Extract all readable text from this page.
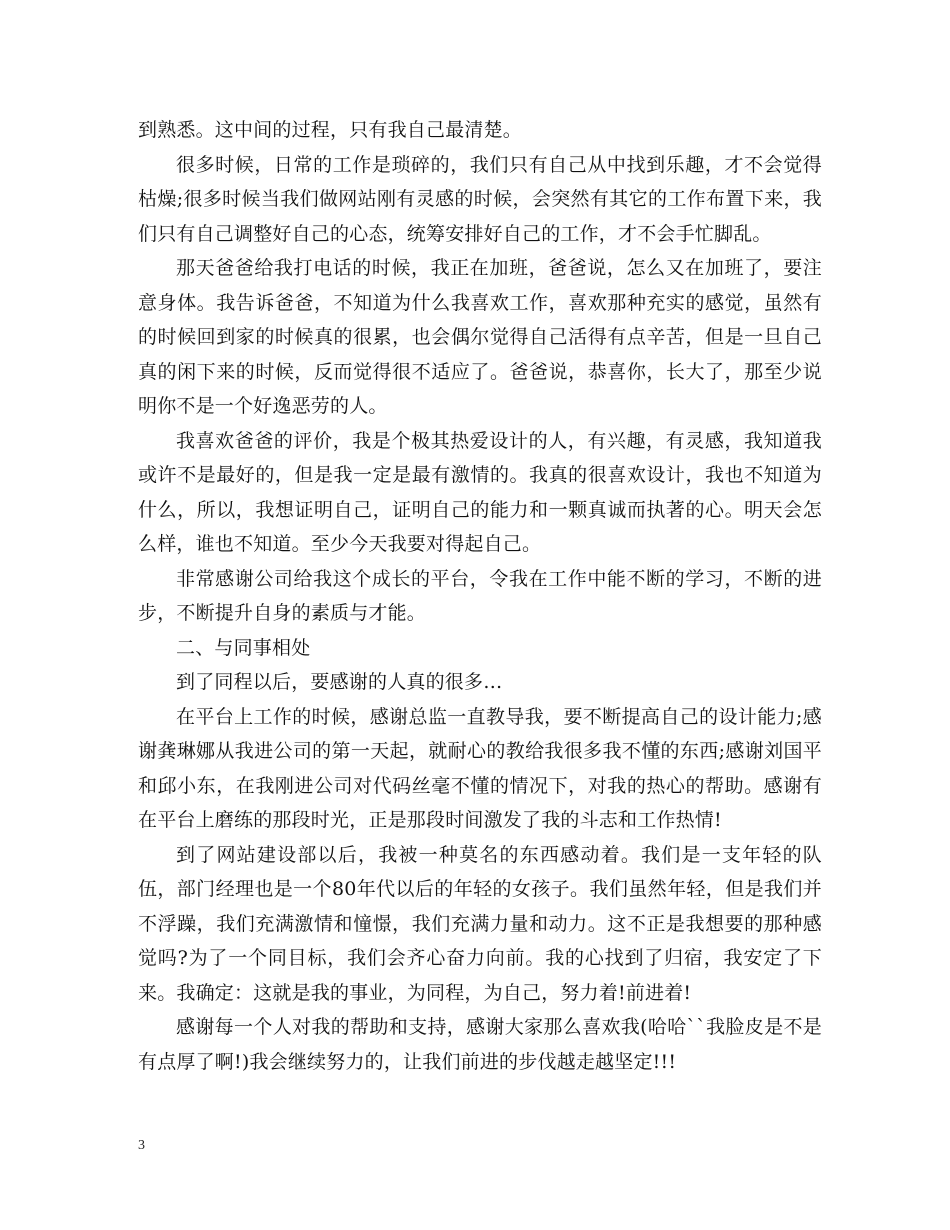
到熟悉。这中间的过程，只有我自己最清楚。

很多时候，日常的工作是琐碎的，我们只有自己从中找到乐趣，才不会觉得枯燥;很多时候当我们做网站刚有灵感的时候，会突然有其它的工作布置下来，我们只有自己调整好自己的心态，统筹安排好自己的工作，才不会手忙脚乱。

那天爸爸给我打电话的时候，我正在加班，爸爸说，怎么又在加班了，要注意身体。我告诉爸爸，不知道为什么我喜欢工作，喜欢那种充实的感觉，虽然有的时候回到家的时候真的很累，也会偶尔觉得自己活得有点辛苦，但是一旦自己真的闲下来的时候，反而觉得很不适应了。爸爸说，恭喜你，长大了，那至少说明你不是一个好逸恶劳的人。

我喜欢爸爸的评价，我是个极其热爱设计的人，有兴趣，有灵感，我知道我或许不是最好的，但是我一定是最有激情的。我真的很喜欢设计，我也不知道为什么，所以，我想证明自己，证明自己的能力和一颗真诚而执著的心。明天会怎么样，谁也不知道。至少今天我要对得起自己。

非常感谢公司给我这个成长的平台，令我在工作中能不断的学习，不断的进步，不断提升自身的素质与才能。

二、与同事相处

到了同程以后，要感谢的人真的很多…

在平台上工作的时候，感谢总监一直教导我，要不断提高自己的设计能力;感谢龚琳娜从我进公司的第一天起，就耐心的教给我很多我不懂的东西;感谢刘国平和邱小东，在我刚进公司对代码丝毫不懂的情况下，对我的热心的帮助。感谢有在平台上磨练的那段时光，正是那段时间激发了我的斗志和工作热情!

到了网站建设部以后，我被一种莫名的东西感动着。我们是一支年轻的队伍，部门经理也是一个80年代以后的年轻的女孩子。我们虽然年轻，但是我们并不浮躁，我们充满激情和憧憬，我们充满力量和动力。这不正是我想要的那种感觉吗?为了一个同目标，我们会齐心奋力向前。我的心找到了归宿，我安定了下来。我确定：这就是我的事业，为同程，为自己，努力着!前进着!

感谢每一个人对我的帮助和支持，感谢大家那么喜欢我(哈哈``我脸皮是不是有点厚了啊!)我会继续努力的，让我们前进的步伐越走越坚定!!!

3
